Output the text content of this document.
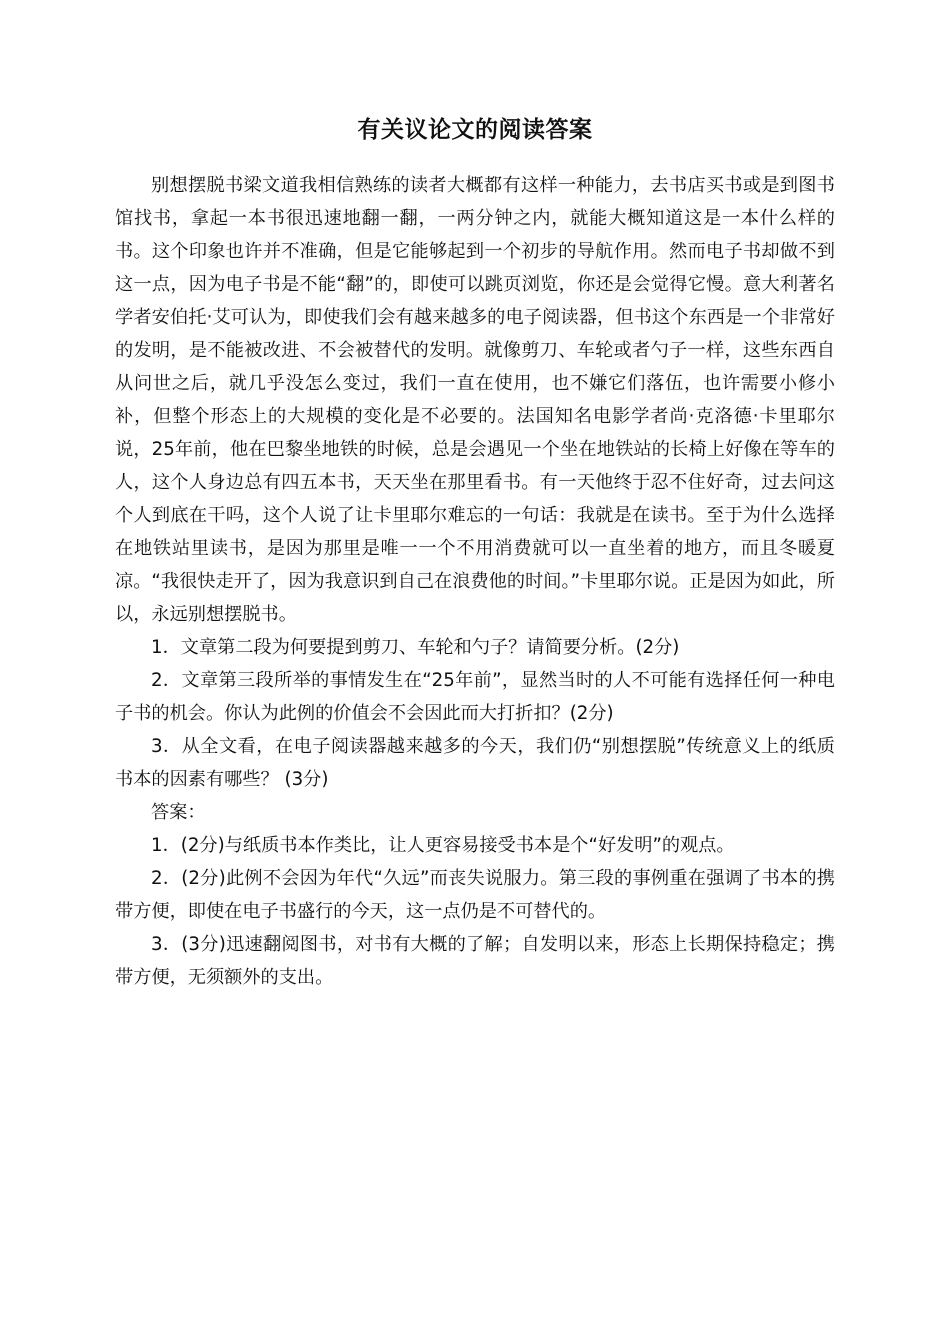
有关议论文的阅读答案

别想摆脱书梁文道我相信熟练的读者大概都有这样一种能力，去书店买书或是到图书馆找书，拿起一本书很迅速地翻一翻，一两分钟之内，就能大概知道这是一本什么样的书。这个印象也许并不准确，但是它能够起到一个初步的导航作用。然而电子书却做不到这一点，因为电子书是不能“翻”的，即使可以跳页浏览，你还是会觉得它慢。意大利著名学者安伯托·艾可认为，即使我们会有越来越多的电子阅读器，但书这个东西是一个非常好的发明，是不能被改进、不会被替代的发明。就像剪刀、车轮或者勺子一样，这些东西自从问世之后，就几乎没怎么变过，我们一直在使用，也不嫌它们落伍，也许需要小修小补，但整个形态上的大规模的变化是不必要的。法国知名电影学者尚·克洛德·卡里耶尔说，25年前，他在巴黎坐地铁的时候，总是会遇见一个坐在地铁站的长椅上好像在等车的人，这个人身边总有四五本书，天天坐在那里看书。有一天他终于忍不住好奇，过去问这个人到底在干吗，这个人说了让卡里耶尔难忘的一句话：我就是在读书。至于为什么选择在地铁站里读书，是因为那里是唯一一个不用消费就可以一直坐着的地方，而且冬暖夏凉。“我很快走开了，因为我意识到自己在浪费他的时间。”卡里耶尔说。正是因为如此，所以，永远别想摆脱书。

1．文章第二段为何要提到剪刀、车轮和勺子？请简要分析。(2分)

2．文章第三段所举的事情发生在“25年前”，显然当时的人不可能有选择任何一种电子书的机会。你认为此例的价值会不会因此而大打折扣？(2分)

3．从全文看，在电子阅读器越来越多的今天，我们仍“别想摆脱”传统意义上的纸质书本的因素有哪些？ (3分)

答案：

1．(2分)与纸质书本作类比，让人更容易接受书本是个“好发明”的观点。

2．(2分)此例不会因为年代“久远”而丧失说服力。第三段的事例重在强调了书本的携带方便，即使在电子书盛行的今天，这一点仍是不可替代的。

3．(3分)迅速翻阅图书，对书有大概的了解；自发明以来，形态上长期保持稳定；携带方便，无须额外的支出。
